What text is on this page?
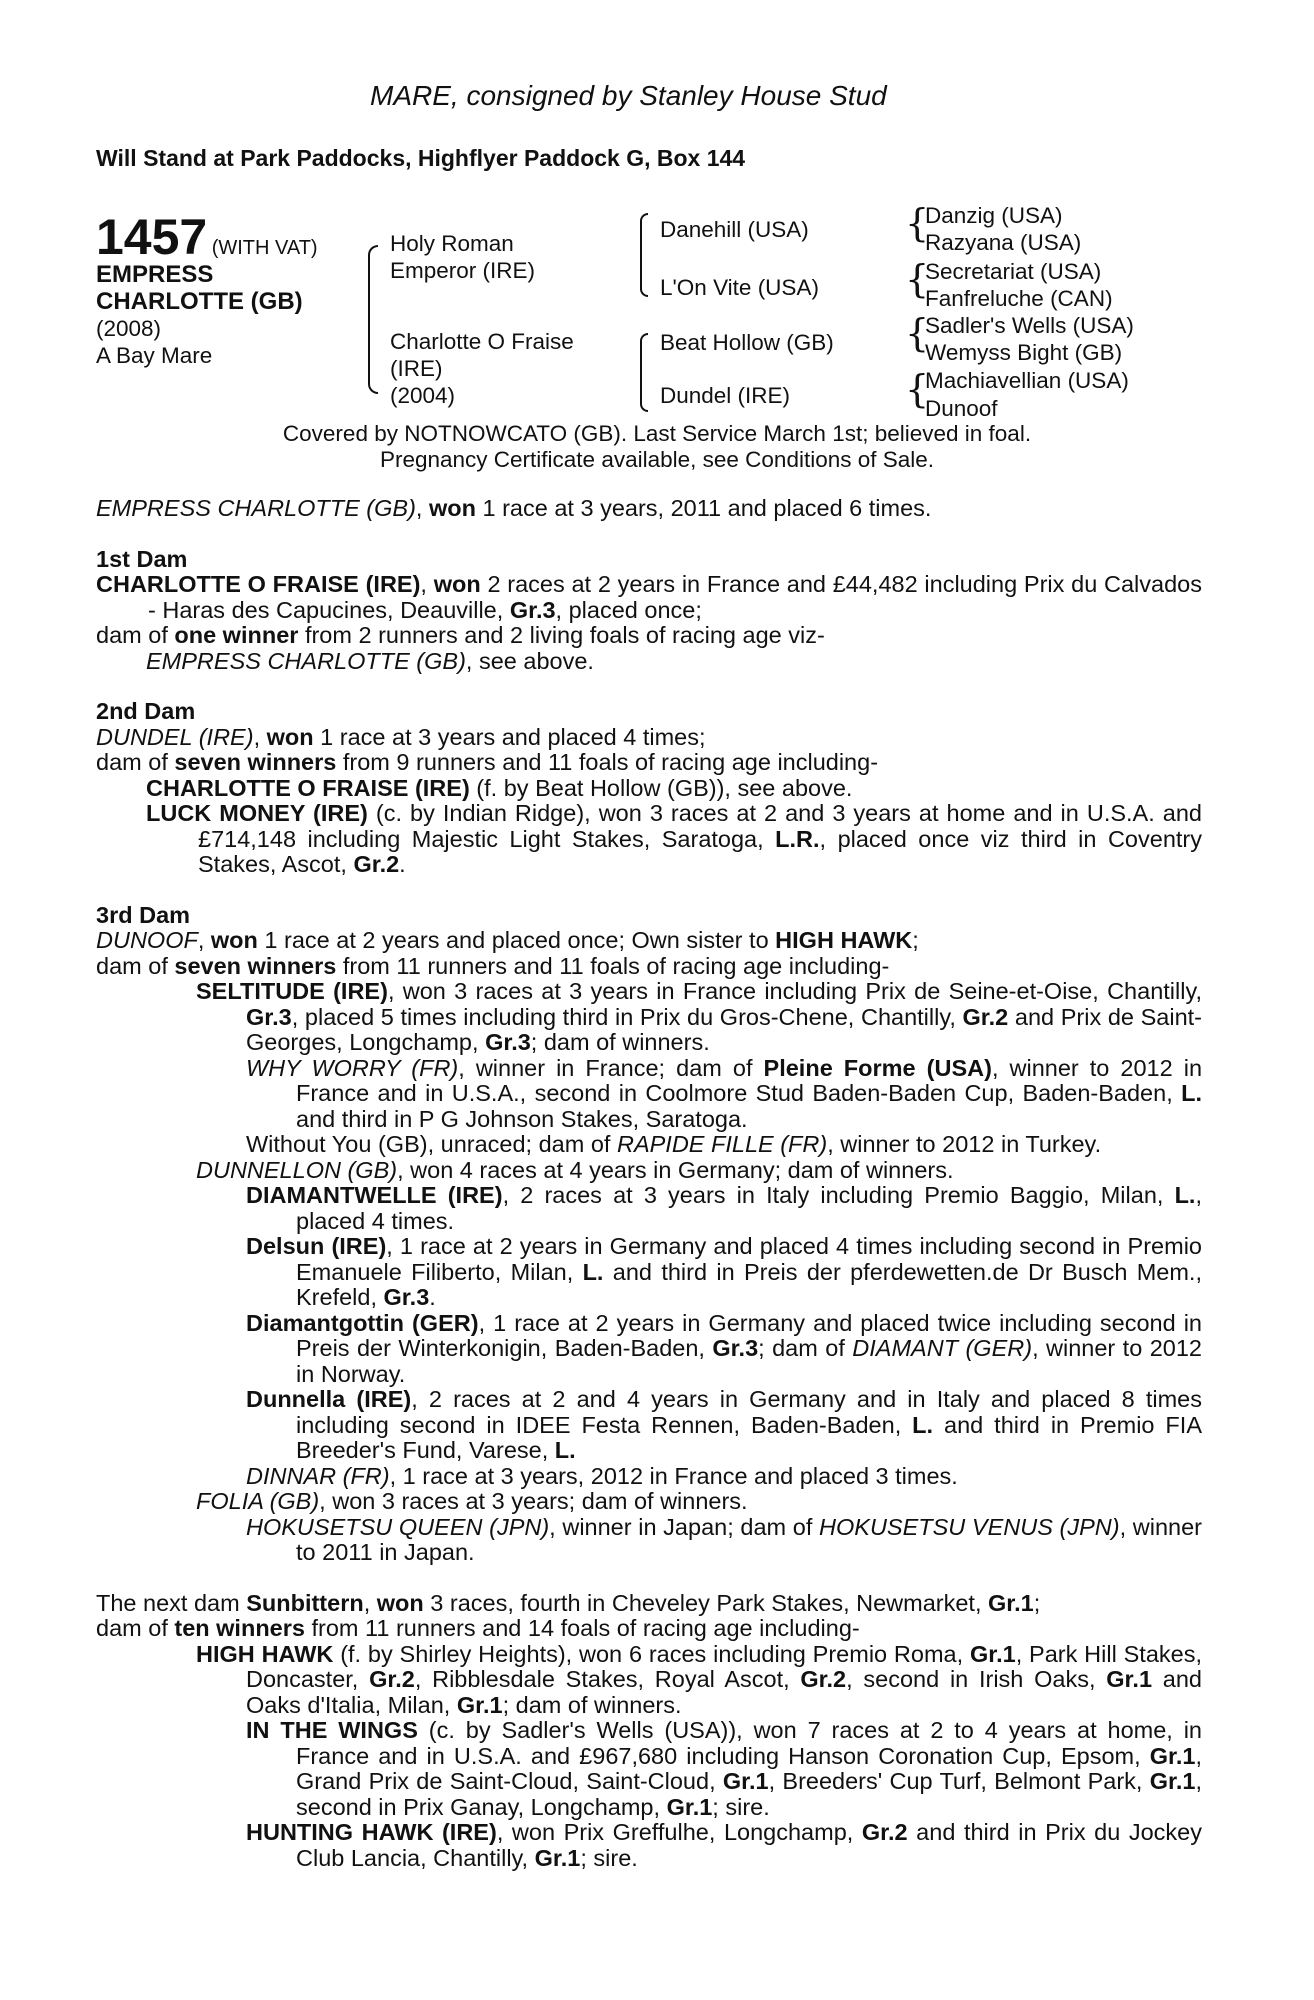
MARE, consigned by Stanley House Stud
Will Stand at Park Paddocks, Highflyer Paddock G, Box 144
1457 (WITH VAT)
EMPRESS
CHARLOTTE (GB)
(2008)
A Bay Mare
Holy Roman
Emperor (IRE)
Charlotte O Fraise
(IRE)
(2004)
Danehill (USA)
L'On Vite (USA)
Beat Hollow (GB)
Dundel (IRE)
{
{
{
{
Danzig (USA)
Razyana (USA)
Secretariat (USA)
Fanfreluche (CAN)
Sadler's Wells (USA)
Wemyss Bight (GB)
Machiavellian (USA)
Dunoof
Covered by NOTNOWCATO (GB). Last Service March 1st; believed in foal.
Pregnancy Certificate available, see Conditions of Sale.

EMPRESS CHARLOTTE (GB), won 1 race at 3 years, 2011 and placed 6 times.

1st Dam

CHARLOTTE O FRAISE (IRE), won 2 races at 2 years in France and £44,482 including Prix du Calvados - Haras des Capucines, Deauville, Gr.3, placed once;

dam of one winner from 2 runners and 2 living foals of racing age viz-

EMPRESS CHARLOTTE (GB), see above.

2nd Dam

DUNDEL (IRE), won 1 race at 3 years and placed 4 times;

dam of seven winners from 9 runners and 11 foals of racing age including-

CHARLOTTE O FRAISE (IRE) (f. by Beat Hollow (GB)), see above.

LUCK MONEY (IRE) (c. by Indian Ridge), won 3 races at 2 and 3 years at home and in U.S.A. and £714,148 including Majestic Light Stakes, Saratoga, L.R., placed once viz third in Coventry Stakes, Ascot, Gr.2.

3rd Dam

DUNOOF, won 1 race at 2 years and placed once; Own sister to HIGH HAWK;

dam of seven winners from 11 runners and 11 foals of racing age including-

SELTITUDE (IRE), won 3 races at 3 years in France including Prix de Seine-et-Oise, Chantilly, Gr.3, placed 5 times including third in Prix du Gros-Chene, Chantilly, Gr.2 and Prix de Saint-Georges, Longchamp, Gr.3; dam of winners.

WHY WORRY (FR), winner in France; dam of Pleine Forme (USA), winner to 2012 in France and in U.S.A., second in Coolmore Stud Baden-Baden Cup, Baden-Baden, L. and third in P G Johnson Stakes, Saratoga.

Without You (GB), unraced; dam of RAPIDE FILLE (FR), winner to 2012 in Turkey.

DUNNELLON (GB), won 4 races at 4 years in Germany; dam of winners.

DIAMANTWELLE (IRE), 2 races at 3 years in Italy including Premio Baggio, Milan, L., placed 4 times.

Delsun (IRE), 1 race at 2 years in Germany and placed 4 times including second in Premio Emanuele Filiberto, Milan, L. and third in Preis der pferdewetten.de Dr Busch Mem., Krefeld, Gr.3.

Diamantgottin (GER), 1 race at 2 years in Germany and placed twice including second in Preis der Winterkonigin, Baden-Baden, Gr.3; dam of DIAMANT (GER), winner to 2012 in Norway.

Dunnella (IRE), 2 races at 2 and 4 years in Germany and in Italy and placed 8 times including second in IDEE Festa Rennen, Baden-Baden, L. and third in Premio FIA Breeder's Fund, Varese, L.

DINNAR (FR), 1 race at 3 years, 2012 in France and placed 3 times.

FOLIA (GB), won 3 races at 3 years; dam of winners.

HOKUSETSU QUEEN (JPN), winner in Japan; dam of HOKUSETSU VENUS (JPN), winner to 2011 in Japan.

The next dam Sunbittern, won 3 races, fourth in Cheveley Park Stakes, Newmarket, Gr.1;

dam of ten winners from 11 runners and 14 foals of racing age including-

HIGH HAWK (f. by Shirley Heights), won 6 races including Premio Roma, Gr.1, Park Hill Stakes, Doncaster, Gr.2, Ribblesdale Stakes, Royal Ascot, Gr.2, second in Irish Oaks, Gr.1 and Oaks d'Italia, Milan, Gr.1; dam of winners.

IN THE WINGS (c. by Sadler's Wells (USA)), won 7 races at 2 to 4 years at home, in France and in U.S.A. and £967,680 including Hanson Coronation Cup, Epsom, Gr.1, Grand Prix de Saint-Cloud, Saint-Cloud, Gr.1, Breeders' Cup Turf, Belmont Park, Gr.1, second in Prix Ganay, Longchamp, Gr.1; sire.

HUNTING HAWK (IRE), won Prix Greffulhe, Longchamp, Gr.2 and third in Prix du Jockey Club Lancia, Chantilly, Gr.1; sire.
